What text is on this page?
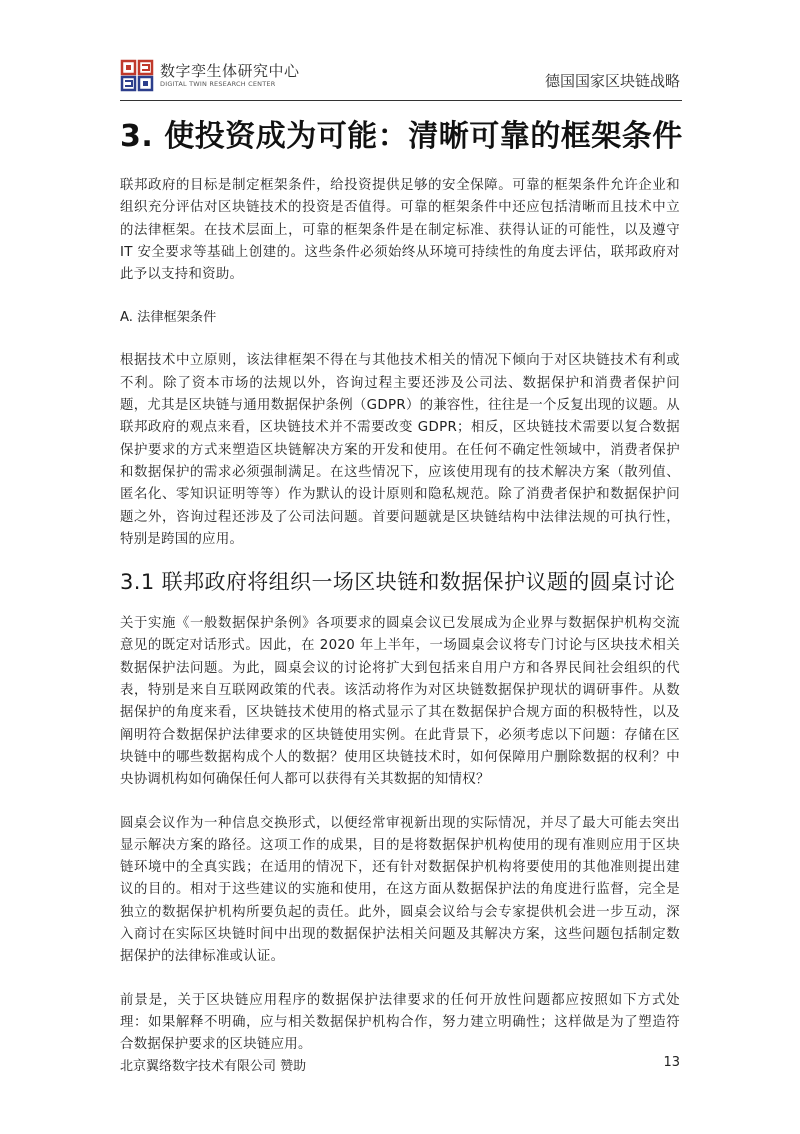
数字孪生体研究中心
DIGITAL TWIN RESEARCH CENTER	德国国家区块链战略
3. 使投资成为可能：清晰可靠的框架条件

联邦政府的目标是制定框架条件，给投资提供足够的安全保障。可靠的框架条件允许企业和组织充分评估对区块链技术的投资是否值得。可靠的框架条件中还应包括清晰而且技术中立的法律框架。在技术层面上，可靠的框架条件是在制定标准、获得认证的可能性，以及遵守 IT 安全要求等基础上创建的。这些条件必须始终从环境可持续性的角度去评估，联邦政府对此予以支持和资助。

A. 法律框架条件

根据技术中立原则，该法律框架不得在与其他技术相关的情况下倾向于对区块链技术有利或不利。除了资本市场的法规以外，咨询过程主要还涉及公司法、数据保护和消费者保护问题，尤其是区块链与通用数据保护条例（GDPR）的兼容性，往往是一个反复出现的议题。从联邦政府的观点来看，区块链技术并不需要改变 GDPR；相反，区块链技术需要以复合数据保护要求的方式来塑造区块链解决方案的开发和使用。在任何不确定性领域中，消费者保护和数据保护的需求必须强制满足。在这些情况下，应该使用现有的技术解决方案（散列值、匿名化、零知识证明等等）作为默认的设计原则和隐私规范。除了消费者保护和数据保护问题之外，咨询过程还涉及了公司法问题。首要问题就是区块链结构中法律法规的可执行性，特别是跨国的应用。

3.1 联邦政府将组织一场区块链和数据保护议题的圆桌讨论

关于实施《一般数据保护条例》各项要求的圆桌会议已发展成为企业界与数据保护机构交流意见的既定对话形式。因此，在 2020 年上半年，一场圆桌会议将专门讨论与区块技术相关数据保护法问题。为此，圆桌会议的讨论将扩大到包括来自用户方和各界民间社会组织的代表，特别是来自互联网政策的代表。该活动将作为对区块链数据保护现状的调研事件。从数据保护的角度来看，区块链技术使用的格式显示了其在数据保护合规方面的积极特性，以及阐明符合数据保护法律要求的区块链使用实例。在此背景下，必须考虑以下问题：存储在区块链中的哪些数据构成个人的数据？使用区块链技术时，如何保障用户删除数据的权利？中央协调机构如何确保任何人都可以获得有关其数据的知情权？

圆桌会议作为一种信息交换形式，以便经常审视新出现的实际情况，并尽了最大可能去突出显示解决方案的路径。这项工作的成果，目的是将数据保护机构使用的现有准则应用于区块链环境中的全真实践；在适用的情况下，还有针对数据保护机构将要使用的其他准则提出建议的目的。相对于这些建议的实施和使用，在这方面从数据保护法的角度进行监督，完全是独立的数据保护机构所要负起的责任。此外，圆桌会议给与会专家提供机会进一步互动，深入商讨在实际区块链时间中出现的数据保护法相关问题及其解决方案，这些问题包括制定数据保护的法律标准或认证。

前景是，关于区块链应用程序的数据保护法律要求的任何开放性问题都应按照如下方式处理：如果解释不明确，应与相关数据保护机构合作，努力建立明确性；这样做是为了塑造符合数据保护要求的区块链应用。

北京翼络数字技术有限公司 赞助	13
